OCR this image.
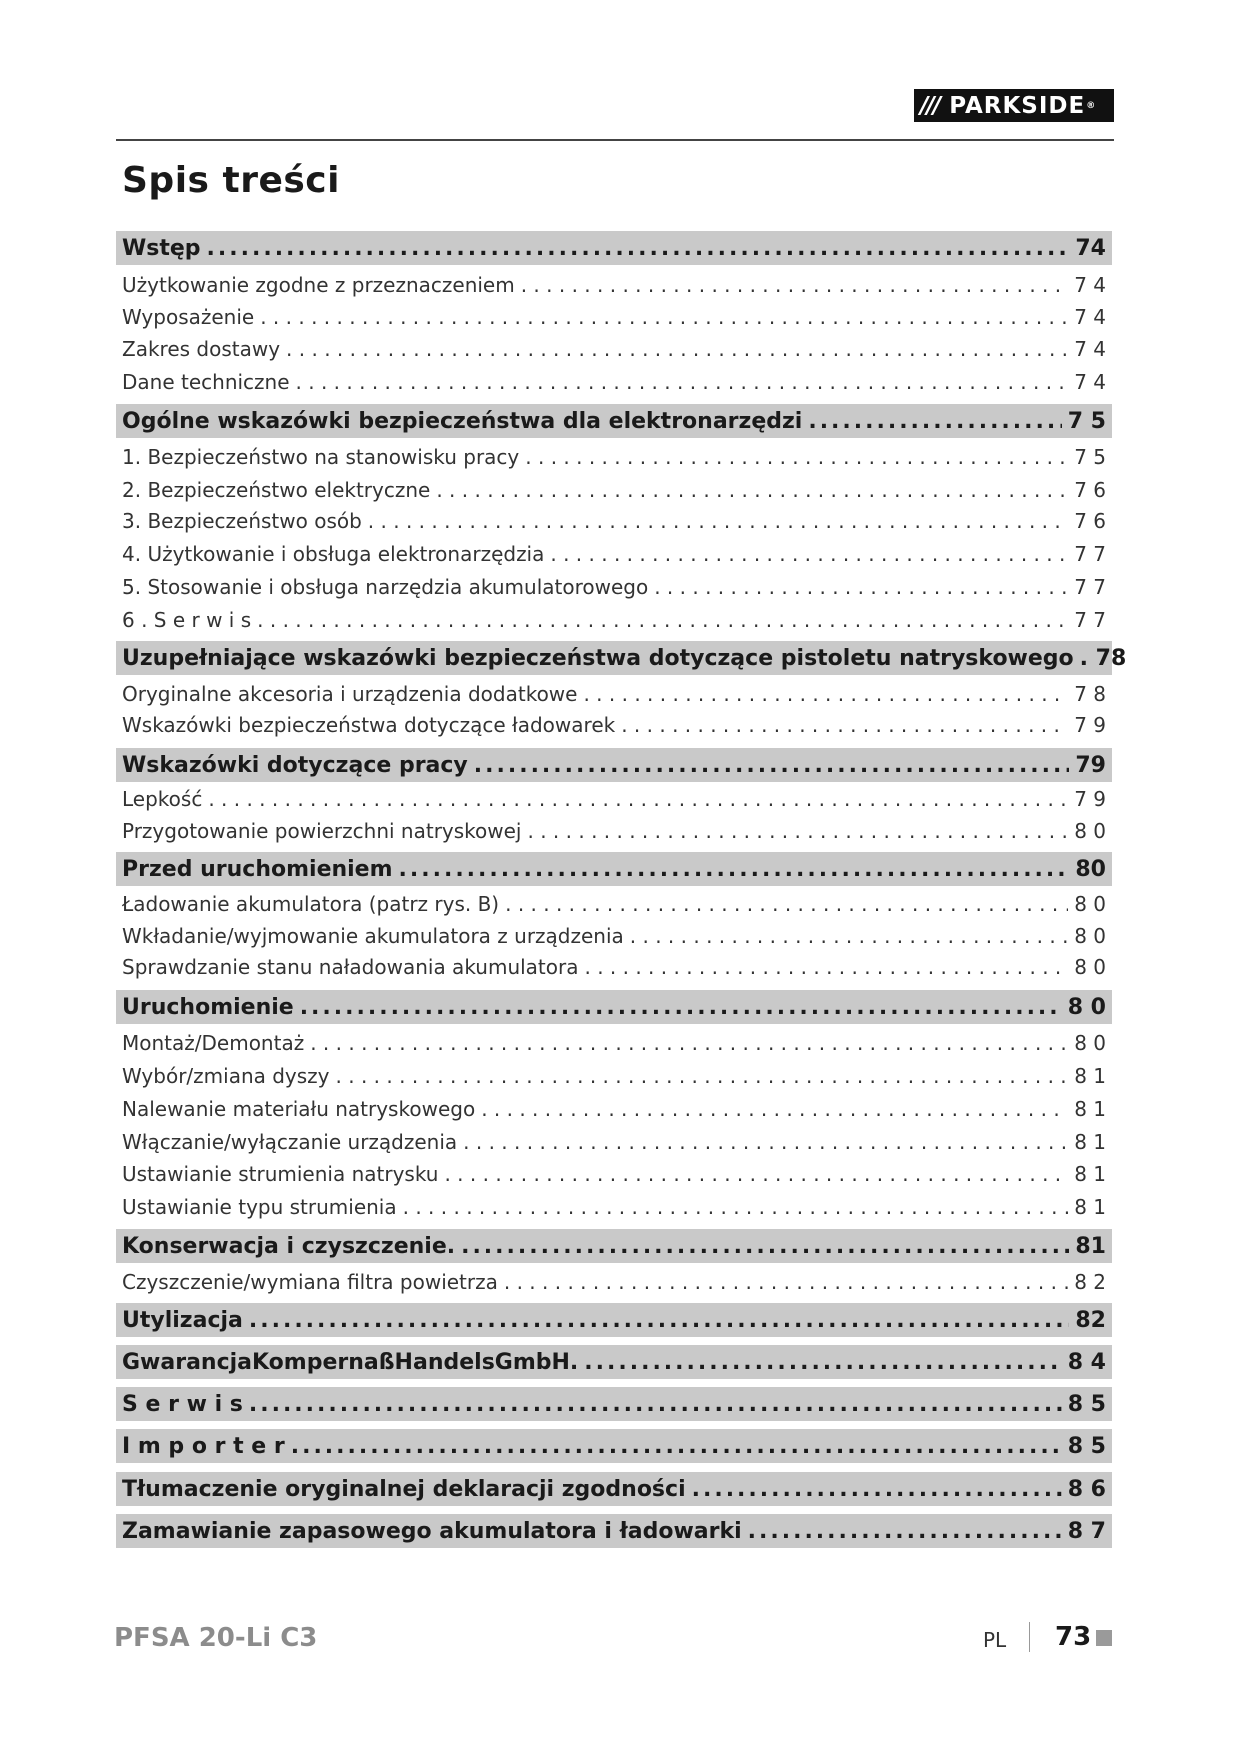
/// PARKSIDE ®
Spis treści
Wstęp .....	74
Użytkowanie zgodne z przeznaczeniem . . .	7 4
Wyposażenie . . .	7 4
Zakres dostawy . . .	7 4
Dane techniczne . . .	7 4
Ogólne wskazówki bezpieczeństwa dla elektronarzędzi .....	7 5
1. Bezpieczeństwo na stanowisku pracy . . .	7 5
2. Bezpieczeństwo elektryczne . . .	7 6
3. Bezpieczeństwo osób . . .	7 6
4. Użytkowanie i obsługa elektronarzędzia . . .	7 7
5. Stosowanie i obsługa narzędzia akumulatorowego . . .	7 7
6 . S e r w i s . . .	7 7
Uzupełniające wskazówki bezpieczeństwa dotyczące pistoletu natryskowego ..... 78
Oryginalne akcesoria i urządzenia dodatkowe . . .	7 8
Wskazówki bezpieczeństwa dotyczące ładowarek . . .	7 9
Wskazówki dotyczące pracy .....	79
Lepkość . . .	7 9
Przygotowanie powierzchni natryskowej . . .	8 0
Przed uruchomieniem .....	80
Ładowanie akumulatora (patrz rys. B) . . .	8 0
Wkładanie/wyjmowanie akumulatora z urządzenia . . .	8 0
Sprawdzanie stanu naładowania akumulatora . . .	8 0
Uruchomienie .....	8 0
Montaż/Demontaż . . .	8 0
Wybór/zmiana dyszy . . .	8 1
Nalewanie materiału natryskowego . . .	8 1
Włączanie/wyłączanie urządzenia . . .	8 1
Ustawianie strumienia natrysku . . .	8 1
Ustawianie typu strumienia . . .	8 1
Konserwacja i czyszczenie. .....	81
Czyszczenie/wymiana filtra powietrza . . .	8 2
Utylizacja .....	82
GwarancjaKompernaßHandelsGmbH. .....	8 4
S e r w i s .....	8 5
I m p o r t e r .....	8 5
Tłumaczenie oryginalnej deklaracji zgodności .....	8 6
Zamawianie zapasowego akumulatora i ładowarki .....	8 7
PFSA 20-Li C3	PL 73
